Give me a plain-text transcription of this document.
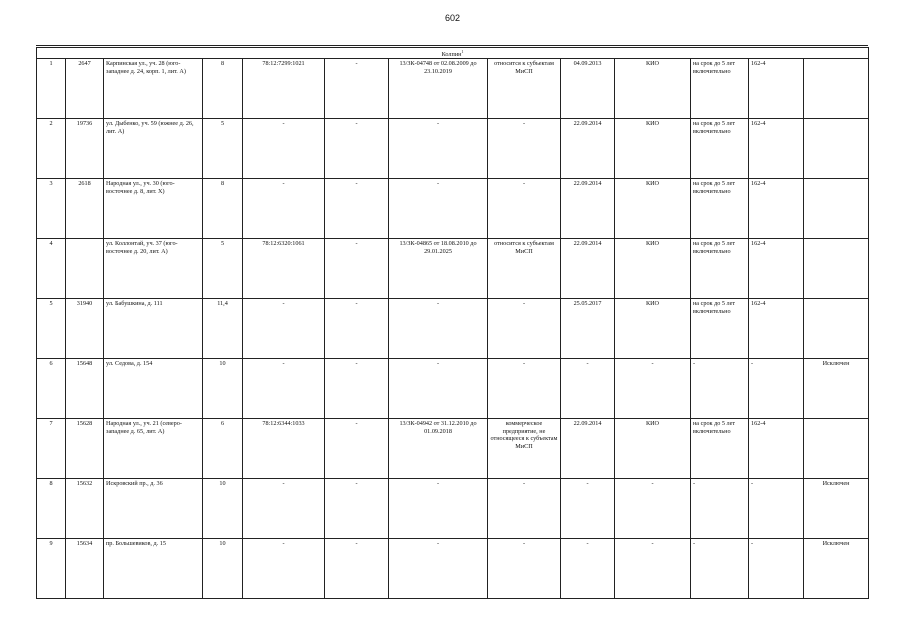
602
Колпин$^1$
1	2647	Карпинская ул., уч. 28 (юго-западнее д. 24, корп. 1, лит. А)	8	78:12:7299:1021	-	13/ЗК-04748 от 02.08.2009 до 23.10.2019	относится к субъектам МиСП	04.09.2013	КИО	на срок до 5 лет включительно	162-4	
2	19736	ул. Дыбенко, уч. 59 (южнее д. 26, лит. А)	5	-	-	-	-	22.09.2014	КИО	на срок до 5 лет включительно	162-4	
3	2618	Народная ул., уч. 30 (юго-восточнее д. 8, лит. Х)	8	-	-	-	-	22.09.2014	КИО	на срок до 5 лет включительно	162-4	
4		ул. Коллонтай, уч. 37 (юго-восточнее д. 20, лит. А)	5	78:12:6320:1061	-	13/ЗК-04865 от 18.08.2010 до 29.01.2025	относится к субъектам МиСП	22.09.2014	КИО	на срок до 5 лет включительно	162-4	
5	31940	ул. Бабушкина, д. 111	11,4	-	-	-	-	25.05.2017	КИО	на срок до 5 лет включительно	162-4	
6	15648	ул. Седова, д. 154	10	-	-	-	-	-	-	-	-	Исключен
7	15628	Народная ул., уч. 21 (северо-западнее д. 65, лит. А)	6	78:12:6344:1033	-	13/ЗК-04942 от 31.12.2010 до 01.09.2018	коммерческое предприятие, не относящееся к субъектам МиСП	22.09.2014	КИО	на срок до 5 лет включительно	162-4	
8	15632	Искровский пр., д. 36	10	-	-	-	-	-	-	-	-	Исключен
9	15634	пр. Большевиков, д. 15	10	-	-	-	-	-	-	-	-	Исключен
